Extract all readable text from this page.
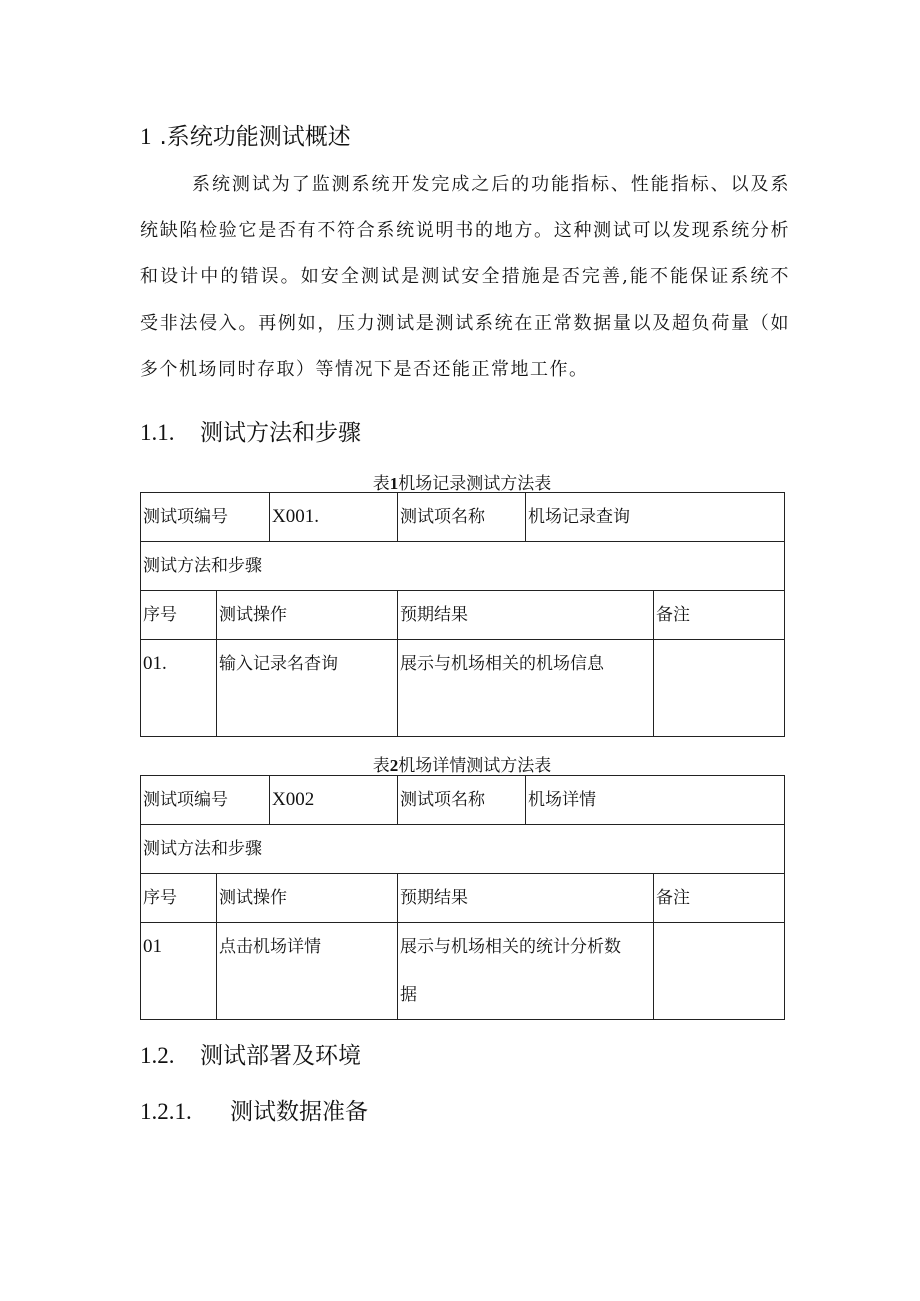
1 .系统功能测试概述
系统测试为了监测系统开发完成之后的功能指标、性能指标、以及系统缺陷检验它是否有不符合系统说明书的地方。这种测试可以发现系统分析和设计中的错误。如安全测试是测试安全措施是否完善,能不能保证系统不受非法侵入。再例如，压力测试是测试系统在正常数据量以及超负荷量（如多个机场同时存取）等情况下是否还能正常地工作。
1.1. 测试方法和步骤
表1机场记录测试方法表
测试项编号		X001.	测试项名称	机场记录查询	
测试方法和步骤					
序号	测试操作		预期结果		备注
01.	输入记录名杳询		展示与机场相关的机场信息		
表2机场详情测试方法表
测试项编号		X002	测试项名称	机场详情	
测试方法和步骤					
序号	测试操作		预期结果		备注
01	点击机场详情		展示与机场相关的统计分析数据		
1.2. 测试部署及环境
1.2.1. 测试数据准备
